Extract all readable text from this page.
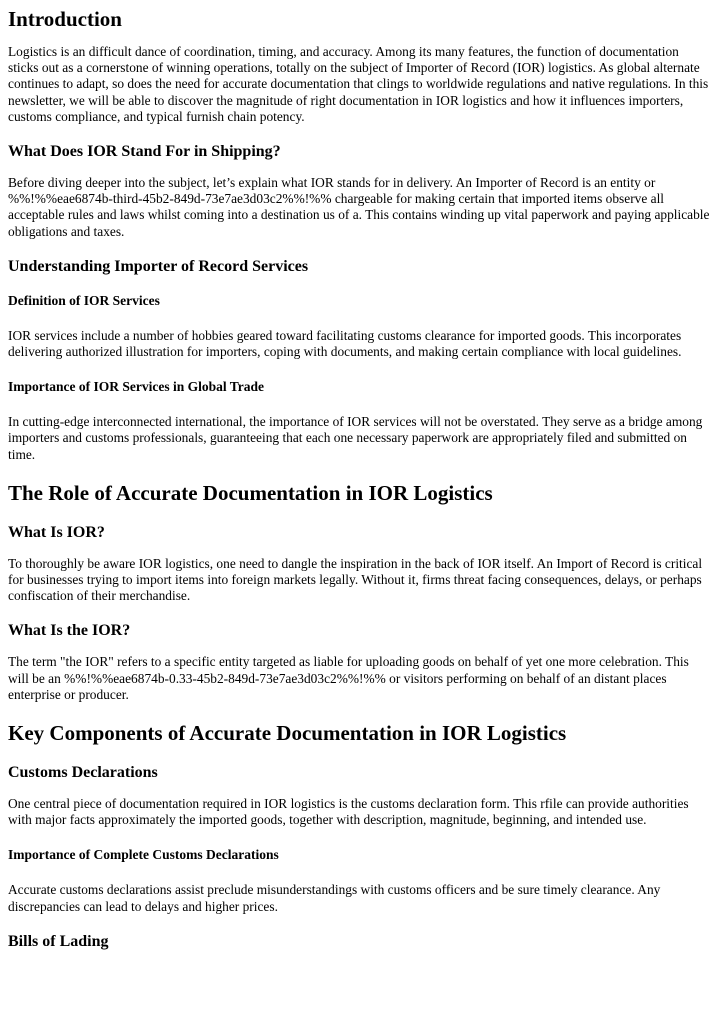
Introduction

Logistics is an difficult dance of coordination, timing, and accuracy. Among its many features, the function of documentation sticks out as a cornerstone of winning operations, totally on the subject of Importer of Record (IOR) logistics. As global alternate continues to adapt, so does the need for accurate documentation that clings to worldwide regulations and native regulations. In this newsletter, we will be able to discover the magnitude of right documentation in IOR logistics and how it influences importers, customs compliance, and typical furnish chain potency.

What Does IOR Stand For in Shipping?

Before diving deeper into the subject, let’s explain what IOR stands for in delivery. An Importer of Record is an entity or %%!%%eae6874b-third-45b2-849d-73e7ae3d03c2%%!%% chargeable for making certain that imported items observe all acceptable rules and laws whilst coming into a destination us of a. This contains winding up vital paperwork and paying applicable obligations and taxes.

Understanding Importer of Record Services
Definition of IOR Services

IOR services include a number of hobbies geared toward facilitating customs clearance for imported goods. This incorporates delivering authorized illustration for importers, coping with documents, and making certain compliance with local guidelines.

Importance of IOR Services in Global Trade

In cutting-edge interconnected international, the importance of IOR services will not be overstated. They serve as a bridge among importers and customs professionals, guaranteeing that each one necessary paperwork are appropriately filed and submitted on time.

The Role of Accurate Documentation in IOR Logistics
What Is IOR?

To thoroughly be aware IOR logistics, one need to dangle the inspiration in the back of IOR itself. An Import of Record is critical for businesses trying to import items into foreign markets legally. Without it, firms threat facing consequences, delays, or perhaps confiscation of their merchandise.

What Is the IOR?

The term "the IOR" refers to a specific entity targeted as liable for uploading goods on behalf of yet one more celebration. This will be an %%!%%eae6874b-0.33-45b2-849d-73e7ae3d03c2%%!%% or visitors performing on behalf of an distant places enterprise or producer.

Key Components of Accurate Documentation in IOR Logistics
Customs Declarations

One central piece of documentation required in IOR logistics is the customs declaration form. This rfile can provide authorities with major facts approximately the imported goods, together with description, magnitude, beginning, and intended use.

Importance of Complete Customs Declarations

Accurate customs declarations assist preclude misunderstandings with customs officers and be sure timely clearance. Any discrepancies can lead to delays and higher prices.

Bills of Lading
